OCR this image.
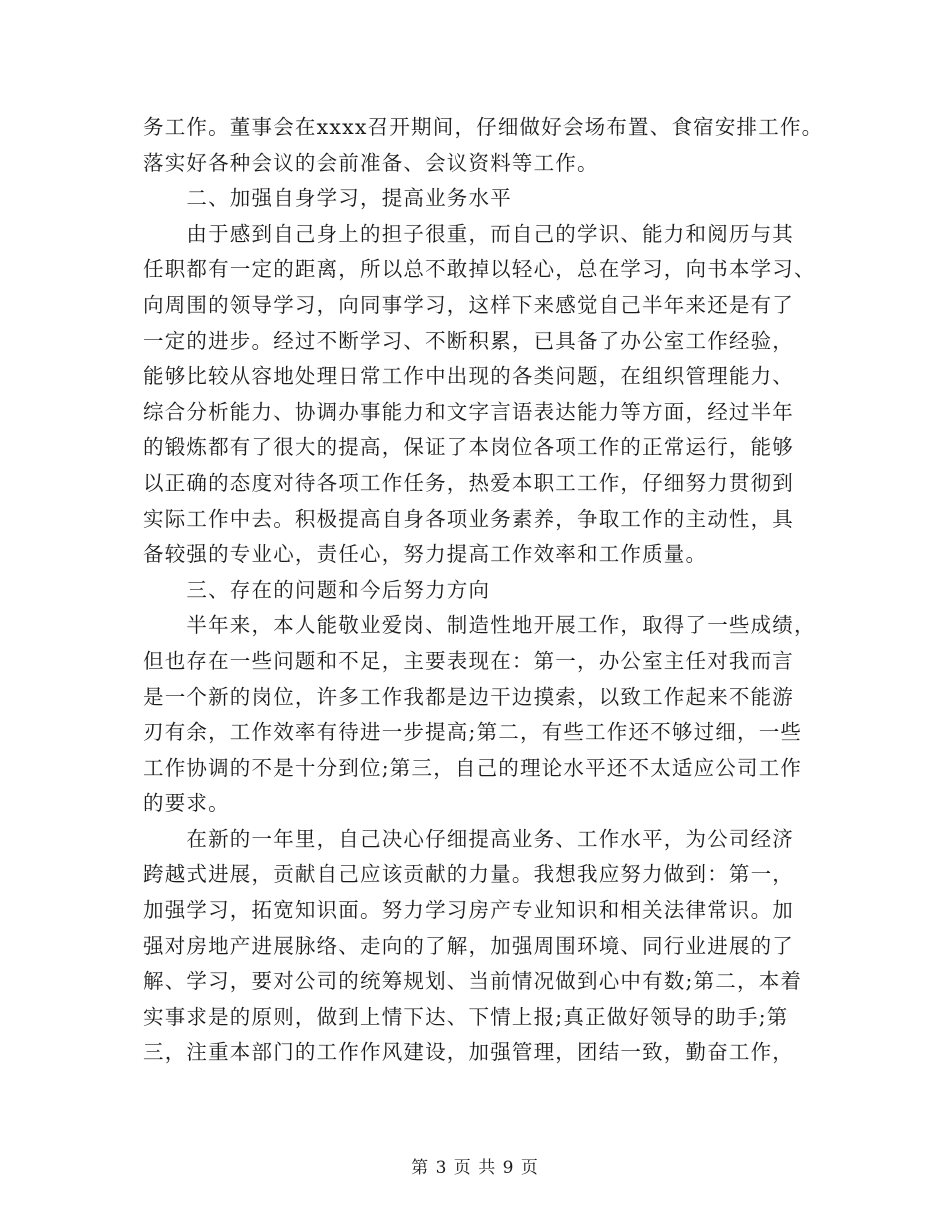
务工作。董事会在xxxx召开期间，仔细做好会场布置、食宿安排工作。
落实好各种会议的会前准备、会议资料等工作。
　　二、加强自身学习，提高业务水平
　　由于感到自己身上的担子很重，而自己的学识、能力和阅历与其
任职都有一定的距离，所以总不敢掉以轻心，总在学习，向书本学习、
向周围的领导学习，向同事学习，这样下来感觉自己半年来还是有了
一定的进步。经过不断学习、不断积累，已具备了办公室工作经验，
能够比较从容地处理日常工作中出现的各类问题，在组织管理能力、
综合分析能力、协调办事能力和文字言语表达能力等方面，经过半年
的锻炼都有了很大的提高，保证了本岗位各项工作的正常运行，能够
以正确的态度对待各项工作任务，热爱本职工工作，仔细努力贯彻到
实际工作中去。积极提高自身各项业务素养，争取工作的主动性，具
备较强的专业心，责任心，努力提高工作效率和工作质量。
　　三、存在的问题和今后努力方向
　　半年来，本人能敬业爱岗、制造性地开展工作，取得了一些成绩，
但也存在一些问题和不足，主要表现在：第一，办公室主任对我而言
是一个新的岗位，许多工作我都是边干边摸索，以致工作起来不能游
刃有余，工作效率有待进一步提高;第二，有些工作还不够过细，一些
工作协调的不是十分到位;第三，自己的理论水平还不太适应公司工作
的要求。
　　在新的一年里，自己决心仔细提高业务、工作水平，为公司经济
跨越式进展，贡献自己应该贡献的力量。我想我应努力做到：第一，
加强学习，拓宽知识面。努力学习房产专业知识和相关法律常识。加
强对房地产进展脉络、走向的了解，加强周围环境、同行业进展的了
解、学习，要对公司的统筹规划、当前情况做到心中有数;第二，本着
实事求是的原则，做到上情下达、下情上报;真正做好领导的助手;第
三，注重本部门的工作作风建设，加强管理，团结一致，勤奋工作，
第 3 页 共 9 页
